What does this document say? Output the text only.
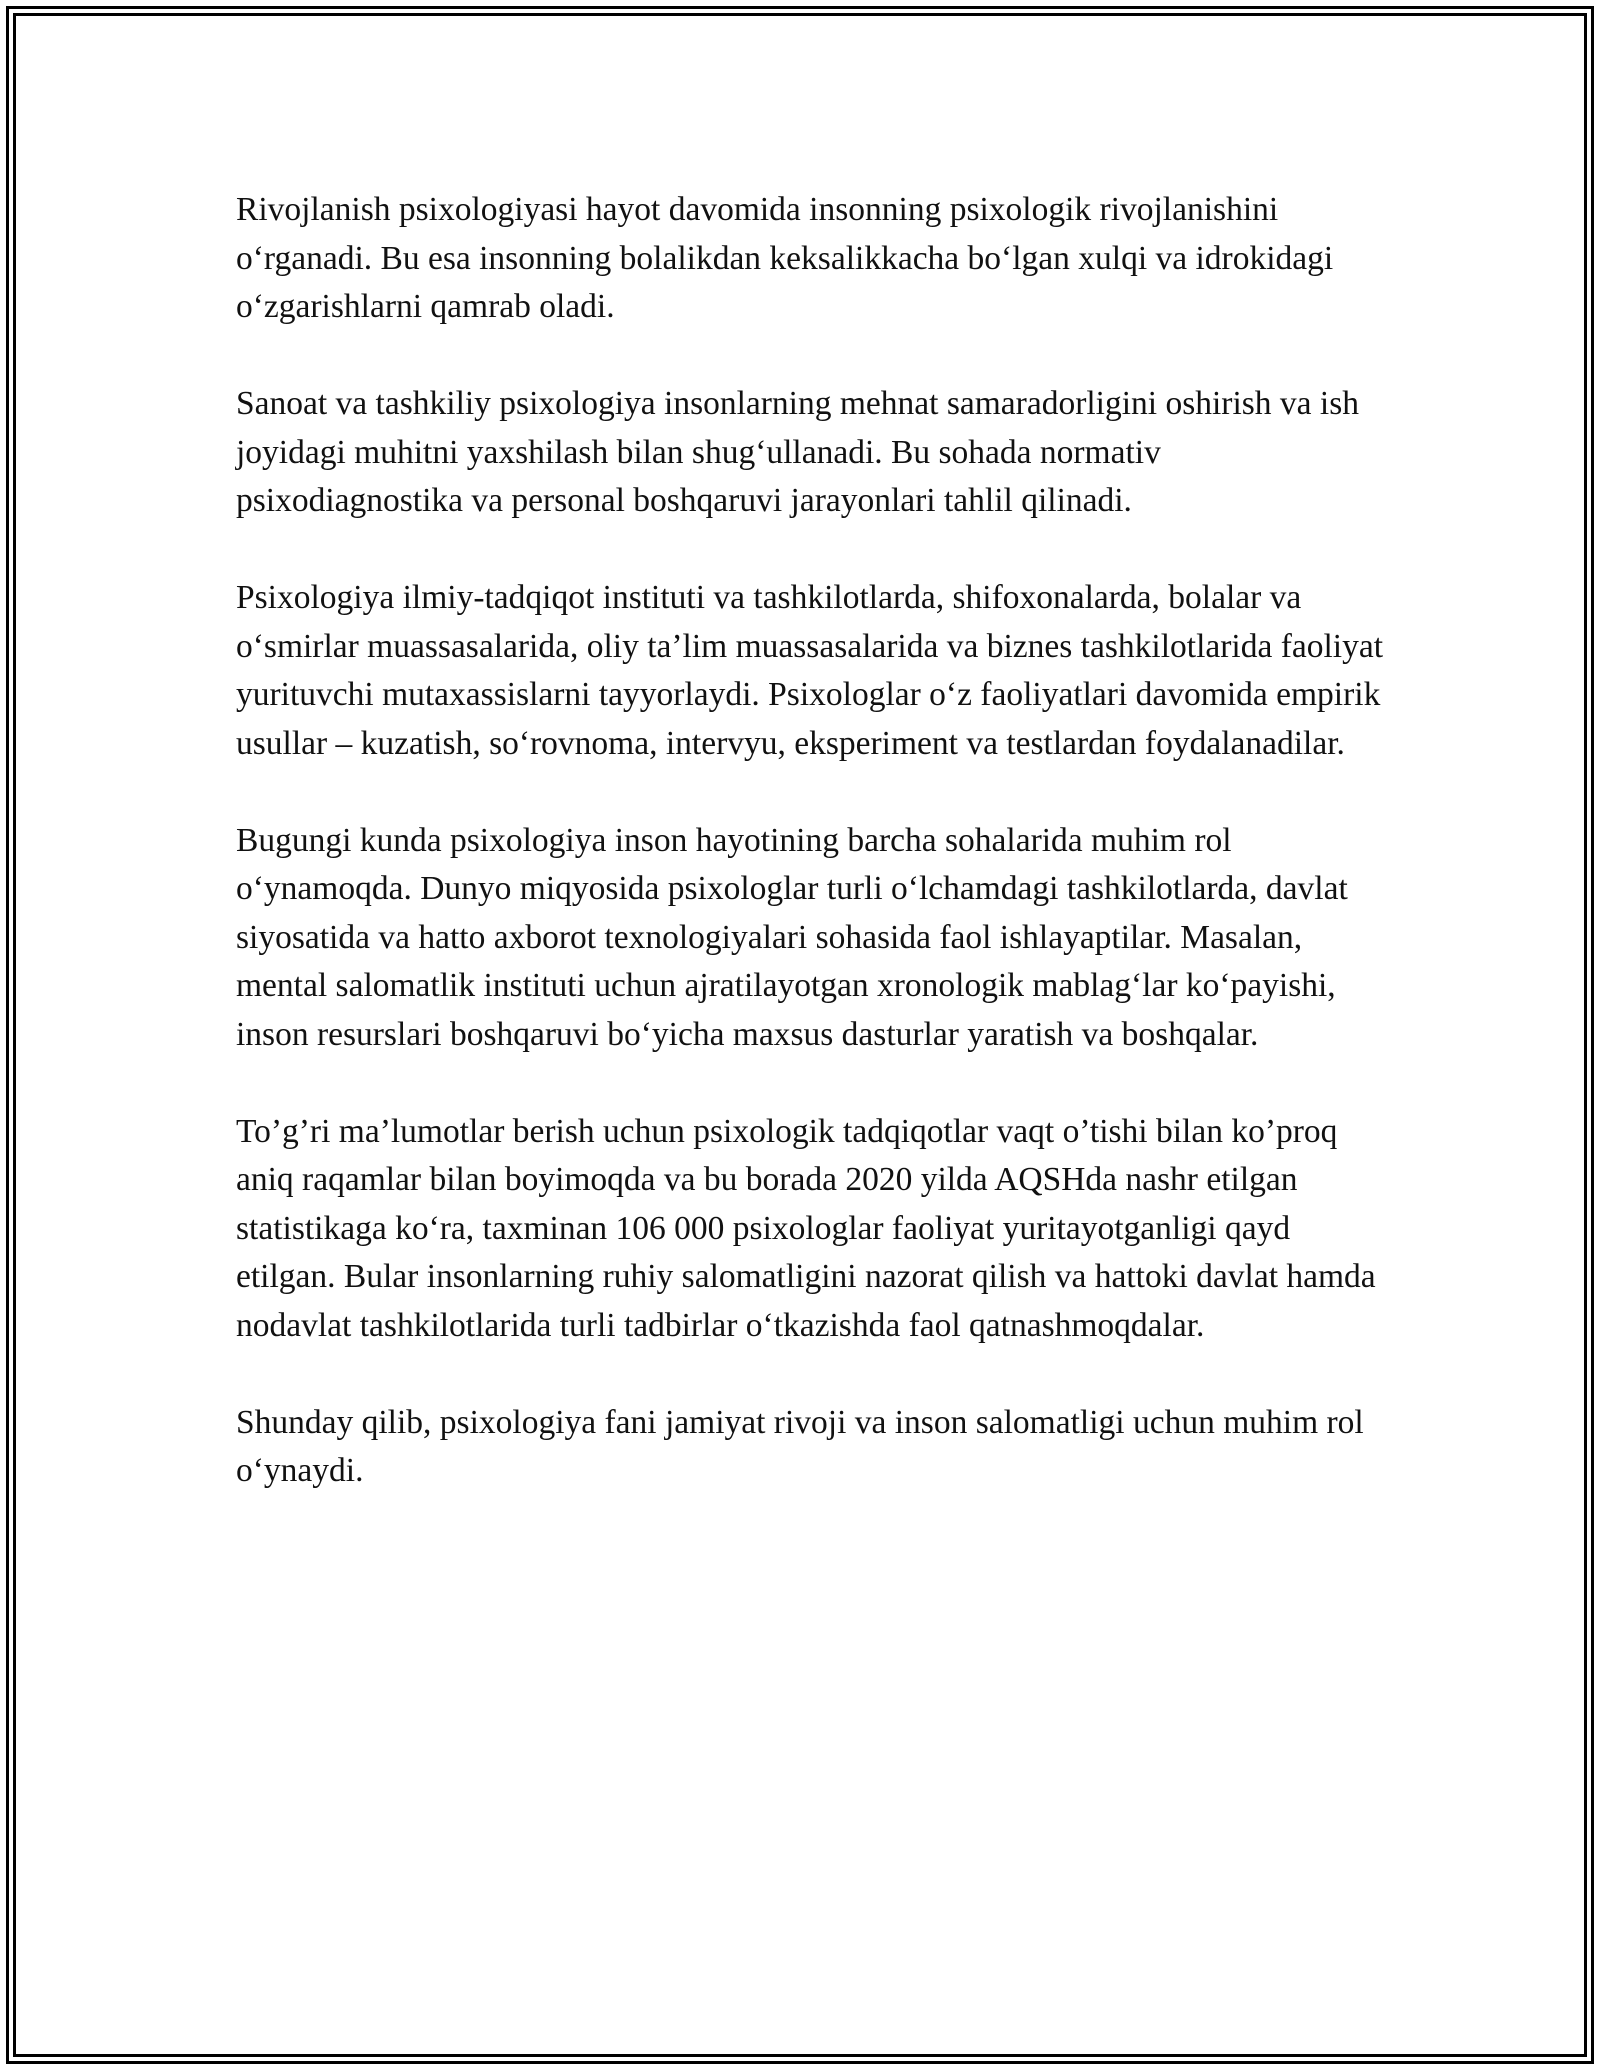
Rivojlanish psixologiyasi hayot davomida insonning psixologik rivojlanishini o‘rganadi. Bu esa insonning bolalikdan keksalikkacha bo‘lgan xulqi va idrokidagi o‘zgarishlarni qamrab oladi.

Sanoat va tashkiliy psixologiya insonlarning mehnat samaradorligini oshirish va ish joyidagi muhitni yaxshilash bilan shug‘ullanadi. Bu sohada normativ psixodiagnostika va personal boshqaruvi jarayonlari tahlil qilinadi.

Psixologiya ilmiy-tadqiqot instituti va tashkilotlarda, shifoxonalarda, bolalar va o‘smirlar muassasalarida, oliy ta’lim muassasalarida va biznes tashkilotlarida faoliyat yurituvchi mutaxassislarni tayyorlaydi. Psixologlar o‘z faoliyatlari davomida empirik usullar – kuzatish, so‘rovnoma, intervyu, eksperiment va testlardan foydalanadilar.

Bugungi kunda psixologiya inson hayotining barcha sohalarida muhim rol o‘ynamoqda. Dunyo miqyosida psixologlar turli o‘lchamdagi tashkilotlarda, davlat siyosatida va hatto axborot texnologiyalari sohasida faol ishlayaptilar. Masalan, mental salomatlik instituti uchun ajratilayotgan xronologik mablag‘lar ko‘payishi, inson resurslari boshqaruvi bo‘yicha maxsus dasturlar yaratish va boshqalar.

To’g’ri ma’lumotlar berish uchun psixologik tadqiqotlar vaqt o’tishi bilan ko’proq aniq raqamlar bilan boyimoqda va bu borada 2020 yilda AQSHda nashr etilgan statistikaga ko‘ra, taxminan 106 000 psixologlar faoliyat yuritayotganligi qayd etilgan. Bular insonlarning ruhiy salomatligini nazorat qilish va hattoki davlat hamda nodavlat tashkilotlarida turli tadbirlar o‘tkazishda faol qatnashmoqdalar.

Shunday qilib, psixologiya fani jamiyat rivoji va inson salomatligi uchun muhim rol o‘ynaydi.
